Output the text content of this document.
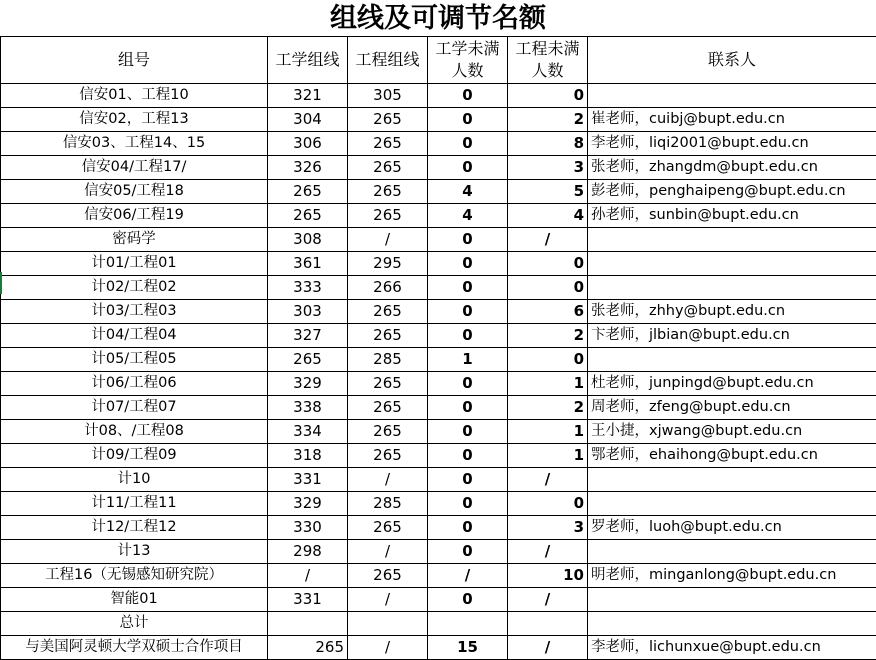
组线及可调节名额
组号	工学组线	工程组线	工学未满人数	工程未满人数	联系人
信安01、工程10	321	305	0	0	
信安02，工程13	304	265	0	2	崔老师，cuibj@bupt.edu.cn
信安03、工程14、15	306	265	0	8	李老师，liqi2001@bupt.edu.cn
信安04/工程17/	326	265	0	3	张老师，zhangdm@bupt.edu.cn
信安05/工程18	265	265	4	5	彭老师，penghaipeng@bupt.edu.cn
信安06/工程19	265	265	4	4	孙老师，sunbin@bupt.edu.cn
密码学	308	/	0	/	
计01/工程01	361	295	0	0	
计02/工程02	333	266	0	0	
计03/工程03	303	265	0	6	张老师，zhhy@bupt.edu.cn
计04/工程04	327	265	0	2	卞老师，jlbian@bupt.edu.cn
计05/工程05	265	285	1	0	
计06/工程06	329	265	0	1	杜老师，junpingd@bupt.edu.cn
计07/工程07	338	265	0	2	周老师，zfeng@bupt.edu.cn
计08、/工程08	334	265	0	1	王小捷，xjwang@bupt.edu.cn
计09/工程09	318	265	0	1	鄂老师，ehaihong@bupt.edu.cn
计10	331	/	0	/	
计11/工程11	329	285	0	0	
计12/工程12	330	265	0	3	罗老师，luoh@bupt.edu.cn
计13	298	/	0	/	
工程16（无锡感知研究院）	/	265	/	10	明老师，minganlong@bupt.edu.cn
智能01	331	/	0	/	
总计					
与美国阿灵顿大学双硕士合作项目	265	/	15	/	李老师，lichunxue@bupt.edu.cn
